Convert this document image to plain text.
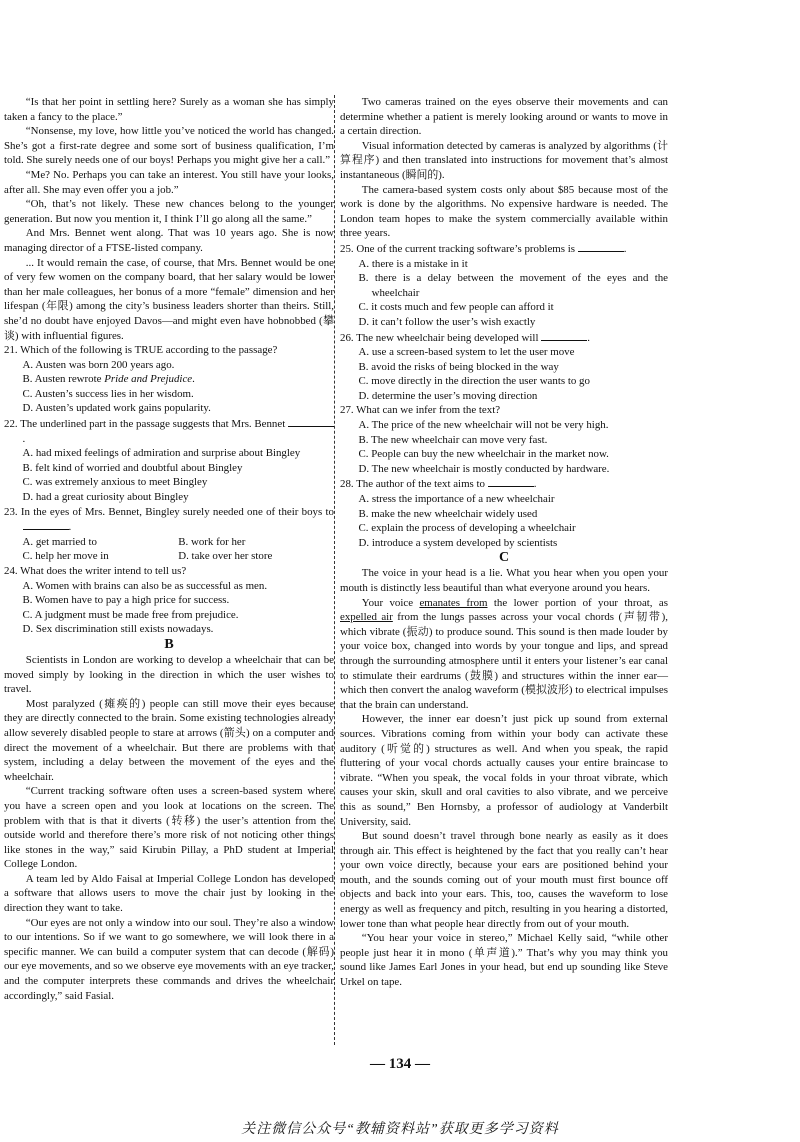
“Is that her point in settling here? Surely as a woman she has simply taken a fancy to the place.”

“Nonsense, my love, how little you’ve noticed the world has changed. She’s got a first-rate degree and some sort of business qualification, I’m told. She surely needs one of our boys! Perhaps you might give her a call.”

“Me? No. Perhaps you can take an interest. You still have your looks, after all. She may even offer you a job.”

“Oh, that’s not likely. These new chances belong to the younger generation. But now you mention it, I think I’ll go along all the same.”

And Mrs. Bennet went along. That was 10 years ago. She is now managing director of a FTSE-listed company.

... It would remain the case, of course, that Mrs. Bennet would be one of very few women on the company board, that her salary would be lower than her male colleagues, her bonus of a more “female” dimension and her lifespan (年限) among the city’s business leaders shorter than theirs. Still, she’d no doubt have enjoyed Davos—and might even have hobnobbed (攀谈) with influential figures.

21. Which of the following is TRUE according to the passage?

A. Austen was born 200 years ago.

B. Austen rewrote Pride and Prejudice.

C. Austen’s success lies in her wisdom.

D. Austen’s updated work gains popularity.

22. The underlined part in the passage suggests that Mrs. Bennet .

A. had mixed feelings of admiration and surprise about Bingley

B. felt kind of worried and doubtful about Bingley

C. was extremely anxious to meet Bingley

D. had a great curiosity about Bingley

23. In the eyes of Mrs. Bennet, Bingley surely needed one of their boys to .

A. get married to	B. work for her
C. help her move in	D. take over her store

24. What does the writer intend to tell us?

A. Women with brains can also be as successful as men.

B. Women have to pay a high price for success.

C. A judgment must be made free from prejudice.

D. Sex discrimination still exists nowadays.

B

Scientists in London are working to develop a wheelchair that can be moved simply by looking in the direction in which the user wishes to travel.

Most paralyzed (瘫痪的) people can still move their eyes because they are directly connected to the brain. Some existing technologies already allow severely disabled people to stare at arrows (箭头) on a computer and direct the movement of a wheelchair. But there are problems with that system, including a delay between the movement of the eyes and the wheelchair.

“Current tracking software often uses a screen-based system where you have a screen open and you look at locations on the screen. The problem with that is that it diverts (转移) the user’s attention from the outside world and therefore there’s more risk of not noticing other things like stones in the way,” said Kirubin Pillay, a PhD student at Imperial College London.

A team led by Aldo Faisal at Imperial College London has developed a software that allows users to move the chair just by looking in the direction they want to take.

“Our eyes are not only a window into our soul. They’re also a window to our intentions. So if we want to go somewhere, we will look there in a specific manner. We can build a computer system that can decode (解码) our eye movements, and so we observe eye movements with an eye tracker, and the computer interprets these commands and drives the wheelchair accordingly,” said Fasial.

Two cameras trained on the eyes observe their movements and can determine whether a patient is merely looking around or wants to move in a certain direction.

Visual information detected by cameras is analyzed by algorithms (计算程序) and then translated into instructions for movement that’s almost instantaneous (瞬间的).

The camera-based system costs only about $85 because most of the work is done by the algorithms. No expensive hardware is needed. The London team hopes to make the system commercially available within three years.

25. One of the current tracking software’s problems is	.

A. there is a mistake in it

B. there is a delay between the movement of the eyes and the wheelchair

C. it costs much and few people can afford it

D. it can’t follow the user’s wish exactly

26. The new wheelchair being developed will	.

A. use a screen-based system to let the user move

B. avoid the risks of being blocked in the way

C. move directly in the direction the user wants to go

D. determine the user’s moving direction

27. What can we infer from the text?

A. The price of the new wheelchair will not be very high.

B. The new wheelchair can move very fast.

C. People can buy the new wheelchair in the market now.

D. The new wheelchair is mostly conducted by hardware.

28. The author of the text aims to	.

A. stress the importance of a new wheelchair

B. make the new wheelchair widely used

C. explain the process of developing a wheelchair

D. introduce a system developed by scientists

C

The voice in your head is a lie. What you hear when you open your mouth is distinctly less beautiful than what everyone around you hears.

Your voice emanates from the lower portion of your throat, as expelled air from the lungs passes across your vocal chords (声韧带), which vibrate (振动) to produce sound. This sound is then made louder by your voice box, changed into words by your tongue and lips, and spread through the surrounding atmosphere until it enters your listener’s ear canal to stimulate their eardrums (鼓膜) and structures within the inner ear—which then convert the analog waveform (模拟波形) to electrical impulses that the brain can understand.

However, the inner ear doesn’t just pick up sound from external sources. Vibrations coming from within your body can activate these auditory (听觉的) structures as well. And when you speak, the rapid fluttering of your vocal chords actually causes your entire braincase to vibrate. “When you speak, the vocal folds in your throat vibrate, which causes your skin, skull and oral cavities to also vibrate, and we perceive this as sound,” Ben Hornsby, a professor of audiology at Vanderbilt University, said.

But sound doesn’t travel through bone nearly as easily as it does through air. This effect is heightened by the fact that you really can’t hear your own voice directly, because your ears are positioned behind your mouth, and the sounds coming out of your mouth must first bounce off objects and back into your ears. This, too, causes the waveform to lose energy as well as frequency and pitch, resulting in you hearing a distorted, lower tone than what people hear directly from out of your mouth.

“You hear your voice in stereo,” Michael Kelly said, “while other people just hear it in mono (单声道).” That’s why you may think you sound like James Earl Jones in your head, but end up sounding like Steve Urkel on tape.

— 134 —
关注微信公众号“教辅资料站”获取更多学习资料
